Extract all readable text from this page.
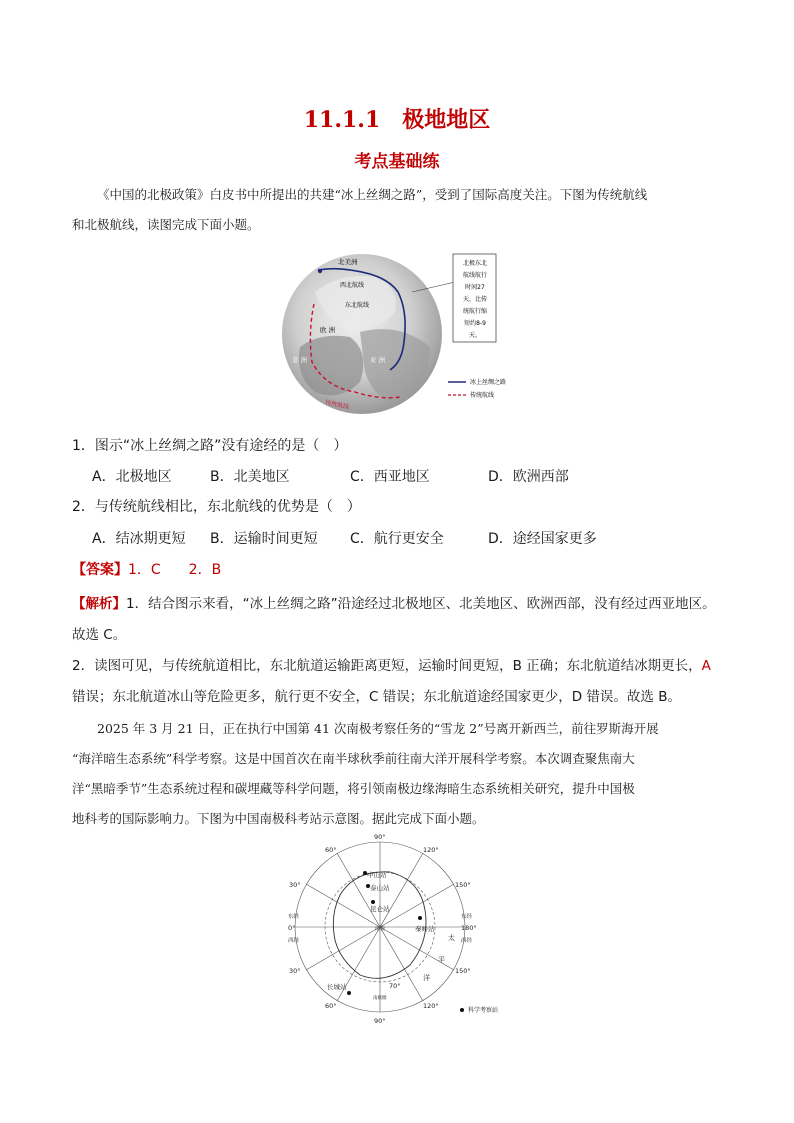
11.1.1 极地地区
考点基础练
《中国的北极政策》白皮书中所提出的共建“冰上丝绸之路”，受到了国际高度关注。下图为传统航线
和北极航线，读图完成下面小题。
北美洲
西北航线
东北航线
欧 洲
非 洲	亚 洲
传统航线
北极东北
航线航行
时间27
天，比传
统航行缩
短约8-9
天。
冰上丝绸之路
传统航线
1．图示“冰上丝绸之路”没有途经的是（　）
A．北极地区	B．北美地区	C．西亚地区	D．欧洲西部
2．与传统航线相比，东北航线的优势是（　）
A．结冰期更短	B．运输时间更短	C．航行更安全	D．途经国家更多
【答案】1．C　　2．B
【解析】1．结合图示来看，“冰上丝绸之路”沿途经过北极地区、北美地区、欧洲西部，没有经过西亚地区。
故选 C。
2．读图可见，与传统航道相比，东北航道运输距离更短，运输时间更短，B 正确；东北航道结冰期更长，A
错误；东北航道冰山等危险更多，航行更不安全，C 错误；东北航道途经国家更少，D 错误。故选 B。
2025 年 3 月 21 日，正在执行中国第 41 次南极考察任务的“雪龙 2”号离开新西兰，前往罗斯海开展
“海洋暗生态系统”科学考察。这是中国首次在南半球秋季前往南大洋开展科学考察。本次调查聚焦南大
洋“黑暗季节”生态系统过程和碳埋藏等科学问题，将引领南极边缘海暗生态系统相关研究，提升中国极
地科考的国际影响力。下图为中国南极科考站示意图。据此完成下面小题。
90°
90°
60°	120°
30°	150°
30°	150°
60°	120°
0°	180°
70°
东经
西经
东经
西经
中山站
泰山站
昆仑站
秦岭站
长城站
南极
南极圈
太
平
洋
科学考察站
